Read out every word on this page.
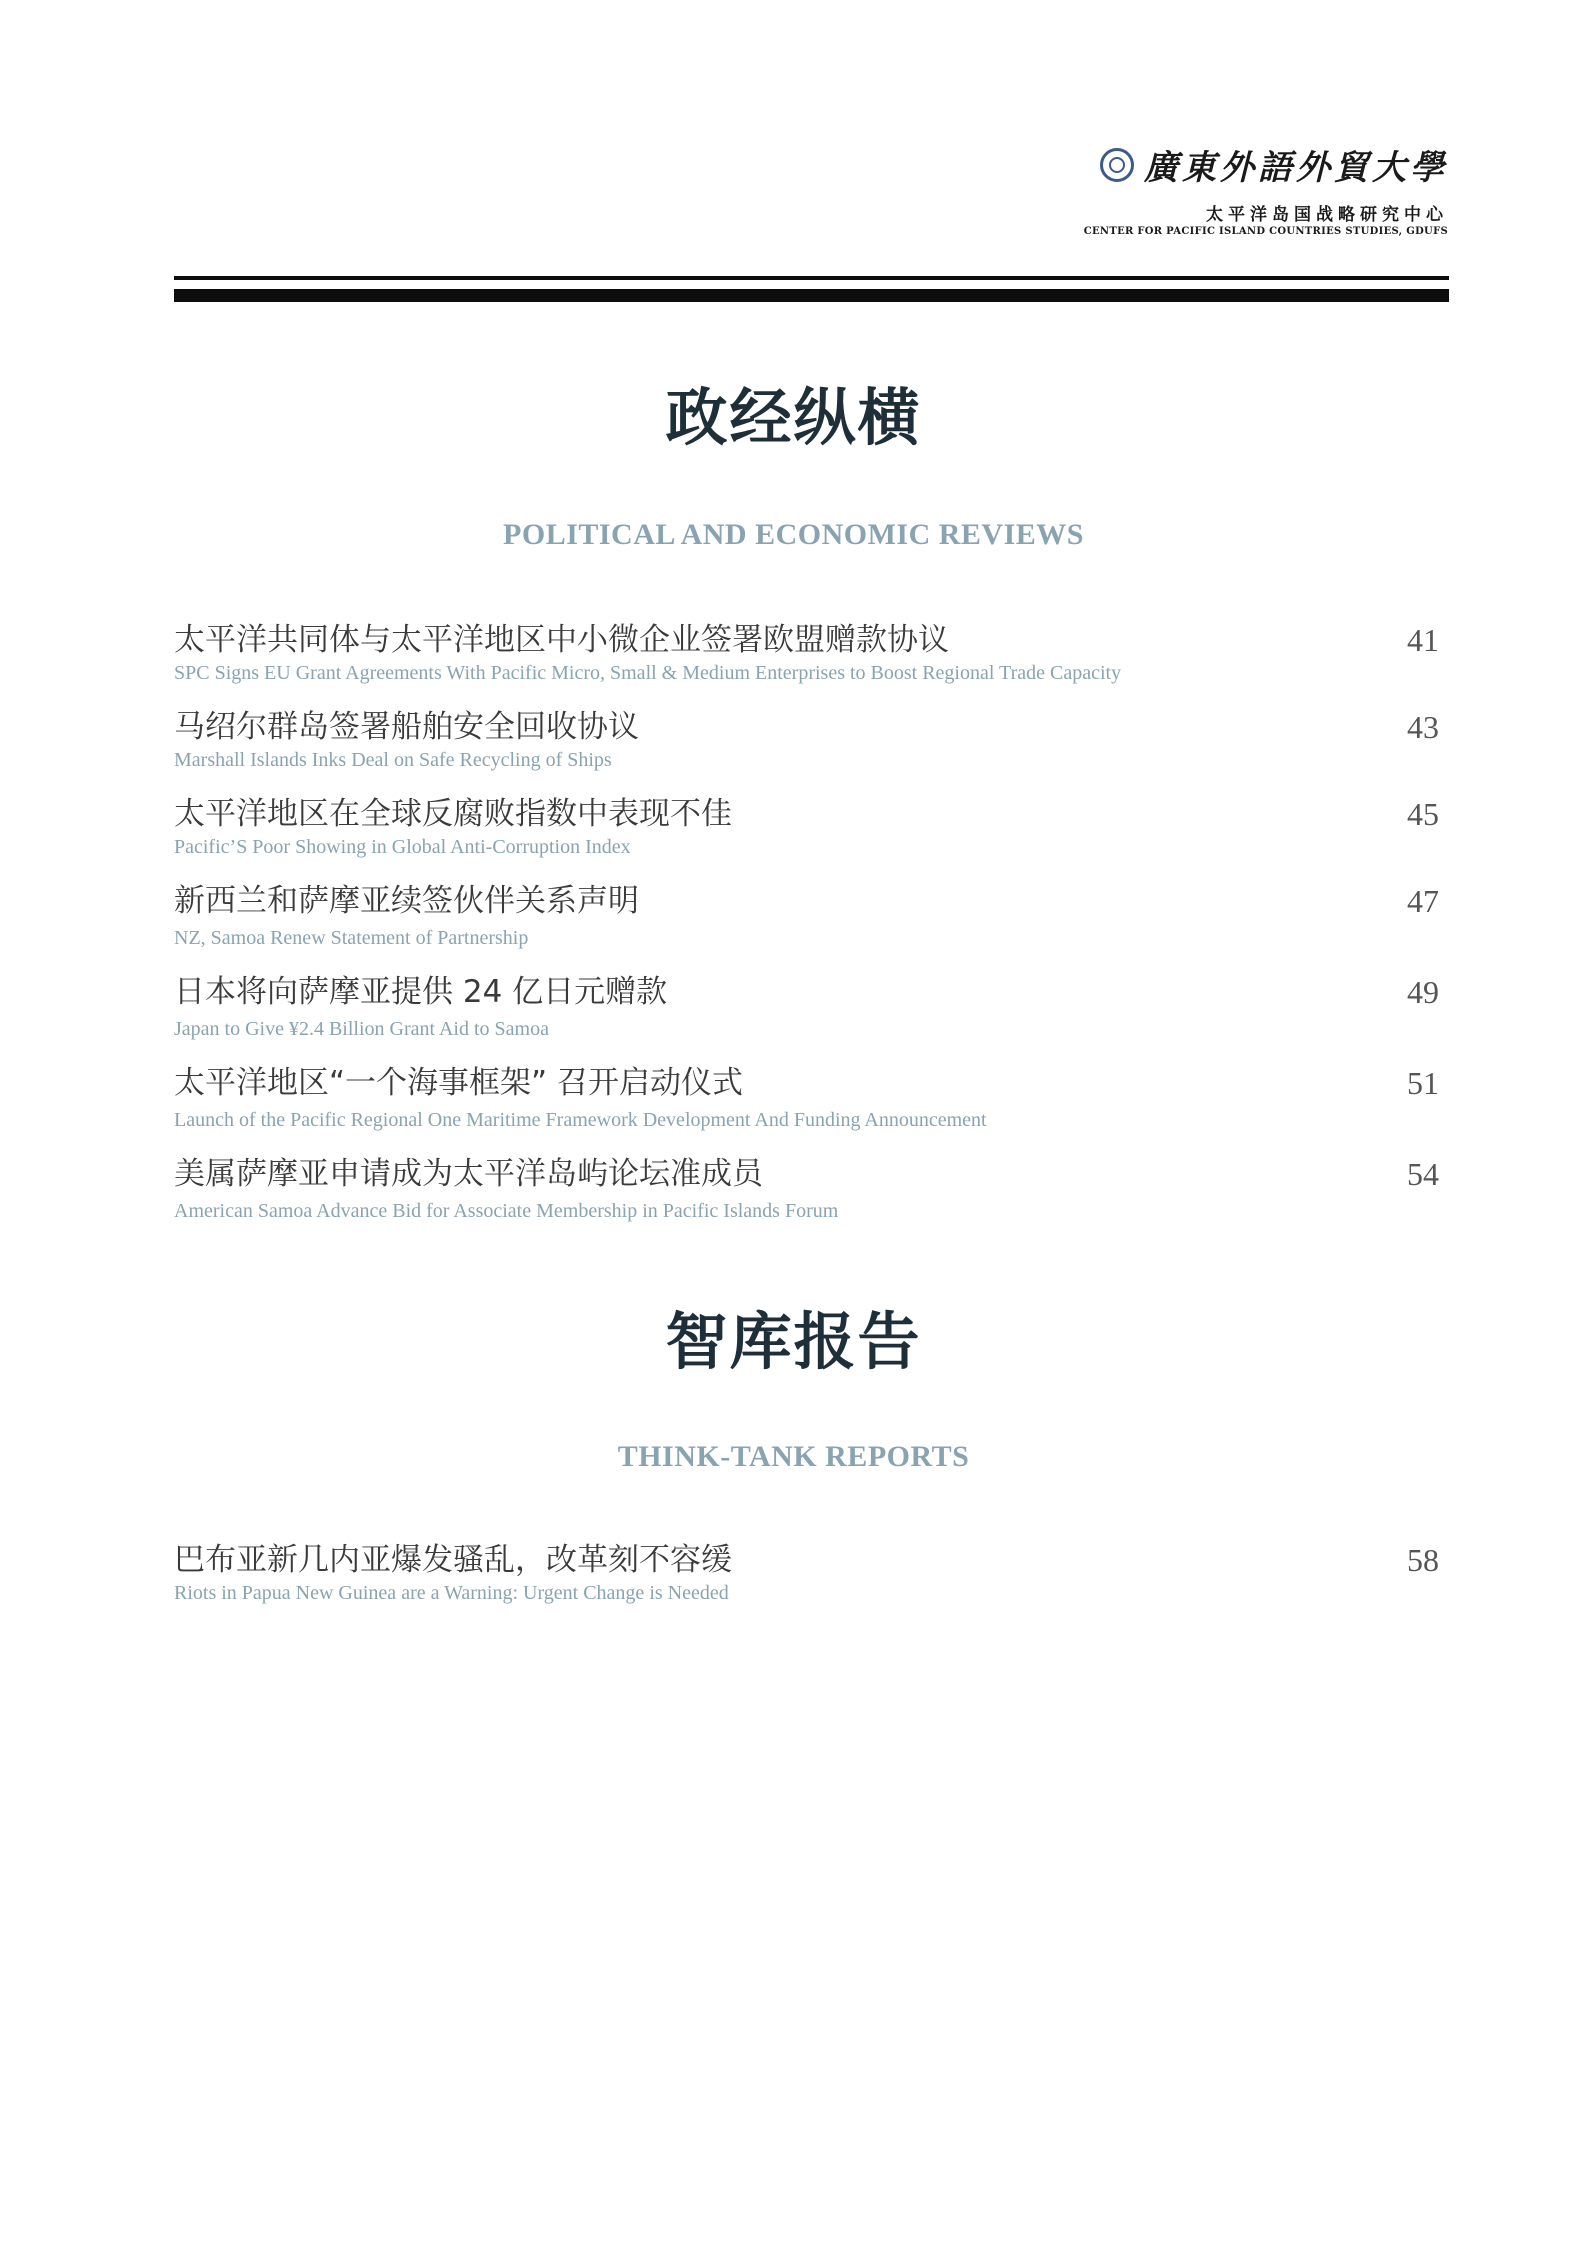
廣東外語外貿大學
太平洋岛国战略研究中心
CENTER FOR PACIFIC ISLAND COUNTRIES STUDIES, GDUFS
政经纵横
POLITICAL AND ECONOMIC REVIEWS
太平洋共同体与太平洋地区中小微企业签署欧盟赠款协议
SPC Signs EU Grant Agreements With Pacific Micro, Small & Medium Enterprises to Boost Regional Trade Capacity
41
马绍尔群岛签署船舶安全回收协议
Marshall Islands Inks Deal on Safe Recycling of Ships
43
太平洋地区在全球反腐败指数中表现不佳
Pacific’S Poor Showing in Global Anti-Corruption Index
45
新西兰和萨摩亚续签伙伴关系声明
NZ, Samoa Renew Statement of Partnership
47
日本将向萨摩亚提供 24 亿日元赠款
Japan to Give ¥2.4 Billion Grant Aid to Samoa
49
太平洋地区“一个海事框架” 召开启动仪式
Launch of the Pacific Regional One Maritime Framework Development And Funding Announcement
51
美属萨摩亚申请成为太平洋岛屿论坛准成员
American Samoa Advance Bid for Associate Membership in Pacific Islands Forum
54
智库报告
THINK-TANK REPORTS
巴布亚新几内亚爆发骚乱，改革刻不容缓
Riots in Papua New Guinea are a Warning: Urgent Change is Needed
58
